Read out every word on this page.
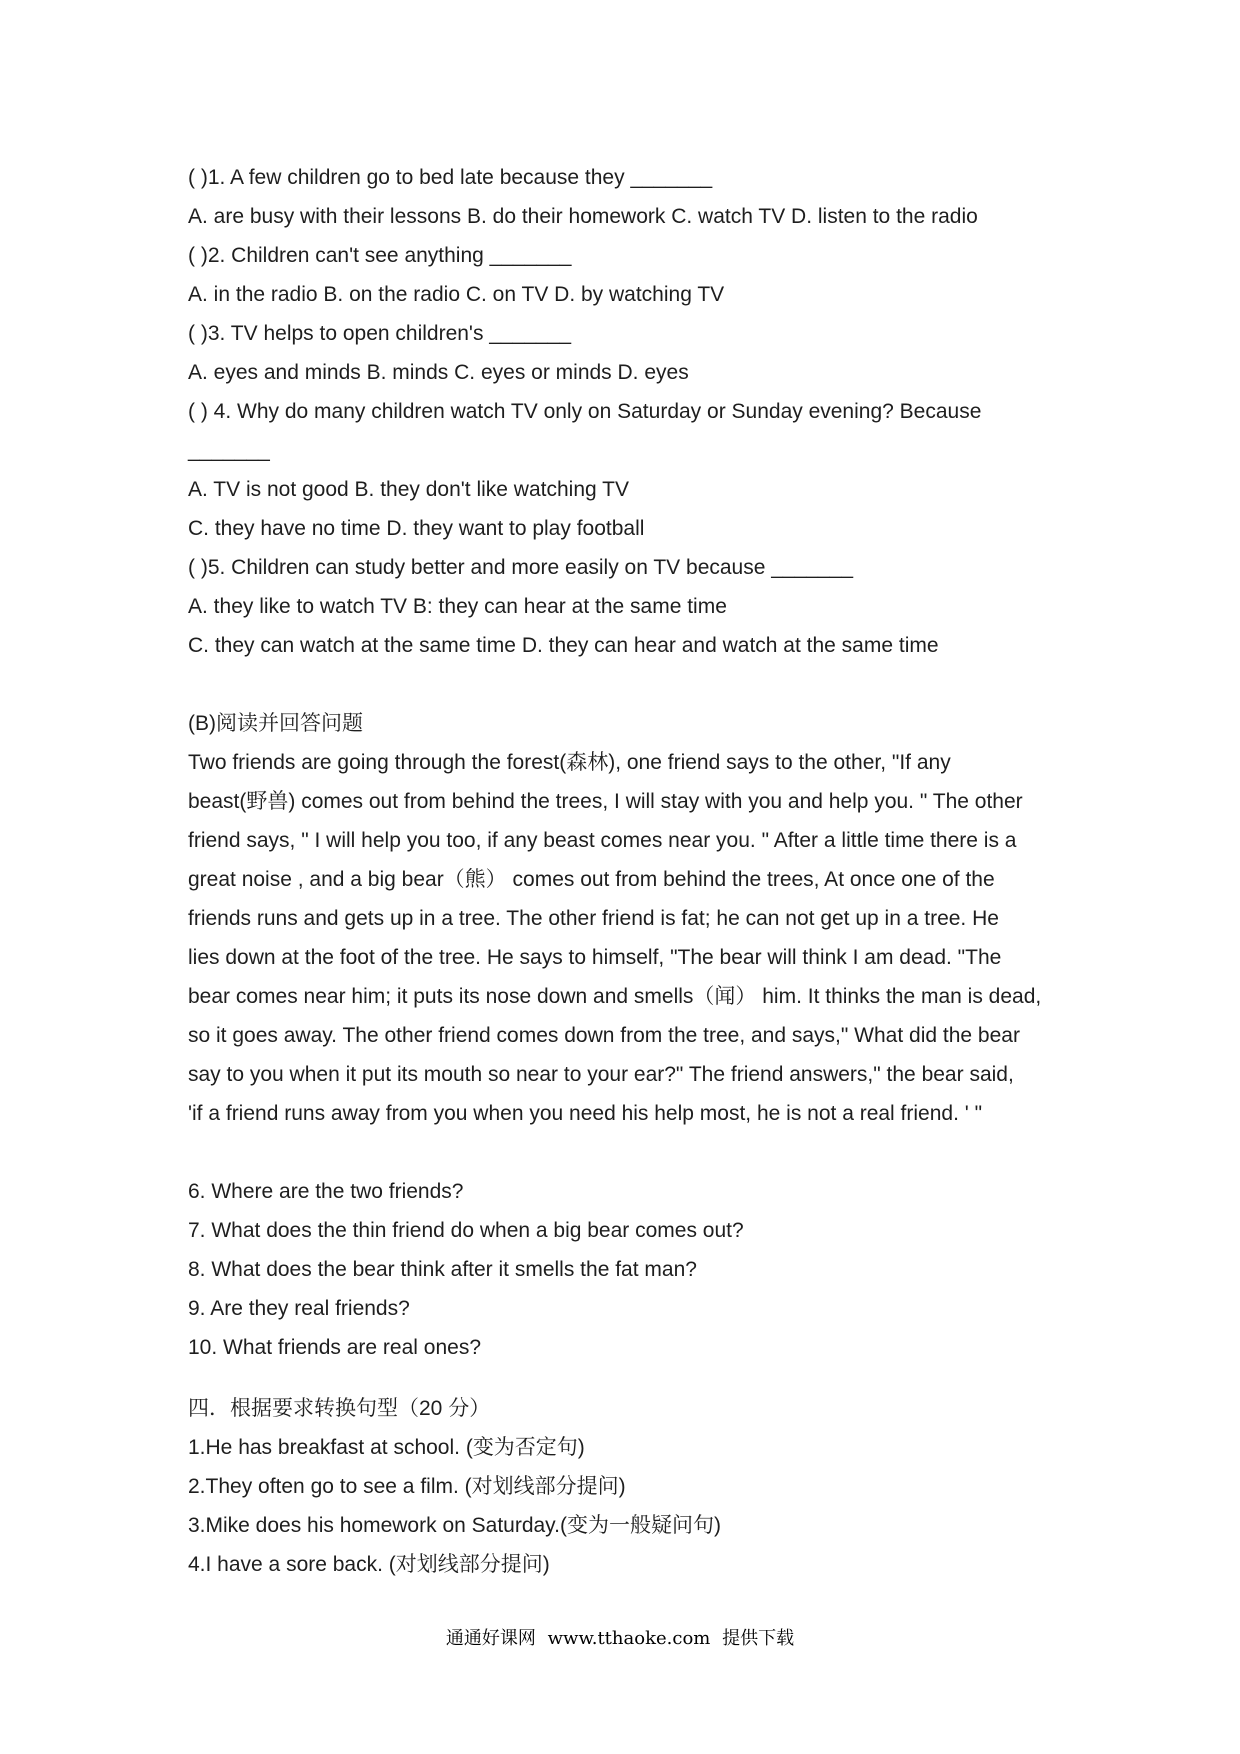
( )1. A few children go to bed late because they _______
A. are busy with their lessons B. do their homework C. watch TV D. listen to the radio
( )2. Children can't see anything _______
A. in the radio B. on the radio C. on TV D. by watching TV
( )3. TV helps to open children's _______
A. eyes and minds B. minds C. eyes or minds D. eyes
( ) 4. Why do many children watch TV only on Saturday or Sunday evening? Because
_______
A. TV is not good B. they don't like watching TV
C. they have no time D. they want to play football
( )5. Children can study better and more easily on TV because _______
A. they like to watch TV B: they can hear at the same time
C. they can watch at the same time D. they can hear and watch at the same time
(B)阅读并回答问题
Two friends are going through the forest(森林), one friend says to the other, "If any
beast(野兽) comes out from behind the trees, I will stay with you and help you. " The other
friend says, " I will help you too, if any beast comes near you. " After a little time there is a
great noise , and a big bear（熊） comes out from behind the trees, At once one of the
friends runs and gets up in a tree. The other friend is fat; he can not get up in a tree. He
lies down at the foot of the tree. He says to himself, "The bear will think I am dead. "The
bear comes near him; it puts its nose down and smells（闻） him. It thinks the man is dead,
so it goes away. The other friend comes down from the tree, and says," What did the bear
say to you when it put its mouth so near to your ear?" The friend answers," the bear said,
'if a friend runs away from you when you need his help most, he is not a real friend. ' "
6. Where are the two friends?
7. What does the thin friend do when a big bear comes out?
8. What does the bear think after it smells the fat man?
9. Are they real friends?
10. What friends are real ones?
四．根据要求转换句型（20 分）
1.He has breakfast at school. (变为否定句)
2.They often go to see a film. (对划线部分提问)
3.Mike does his homework on Saturday.(变为一般疑问句)
4.I have a sore back. (对划线部分提问)
通通好课网 www.tthaoke.com 提供下载
